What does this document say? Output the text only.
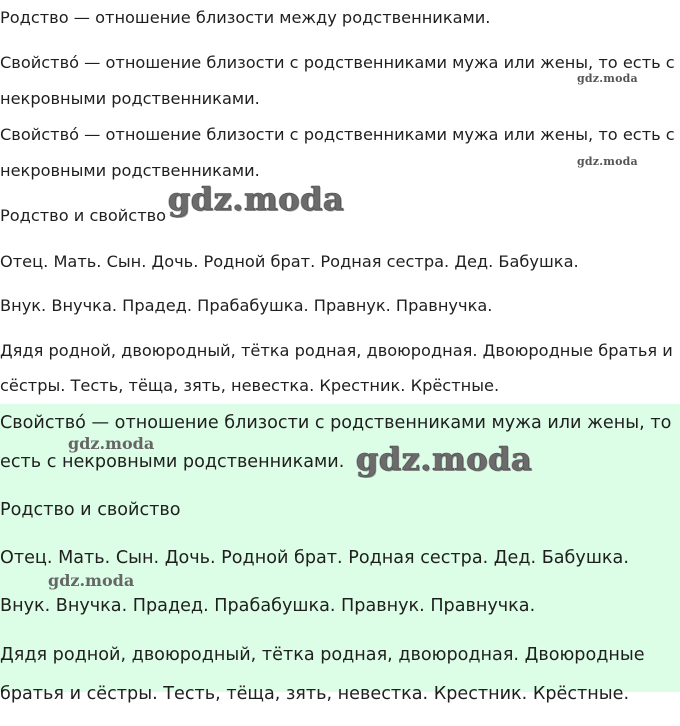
Родство — отношение близости между родственниками.

Свойство́ — отношение близости с родственниками мужа или жены, то есть с

некровными родственниками.

Свойство́ — отношение близости с родственниками мужа или жены, то есть с

некровными родственниками.

Родство и свойство

Отец. Мать. Сын. Дочь. Родной брат. Родная сестра. Дед. Бабушка.

Внук. Внучка. Прадед. Прабабушка. Правнук. Правнучка.

Дядя родной, двоюродный, тётка родная, двоюродная. Двоюродные братья и

сёстры. Тесть, тёща, зять, невестка. Крестник. Крёстные.

gdz.moda
gdz.moda
gdz.moda

Свойство́ — отношение близости с родственниками мужа или жены, то

есть с некровными родственниками.

Родство и свойство

Отец. Мать. Сын. Дочь. Родной брат. Родная сестра. Дед. Бабушка.

Внук. Внучка. Прадед. Прабабушка. Правнук. Правнучка.

Дядя родной, двоюродный, тётка родная, двоюродная. Двоюродные

братья и сёстры. Тесть, тёща, зять, невестка. Крестник. Крёстные.

gdz.moda	gdz.moda
gdz.moda
